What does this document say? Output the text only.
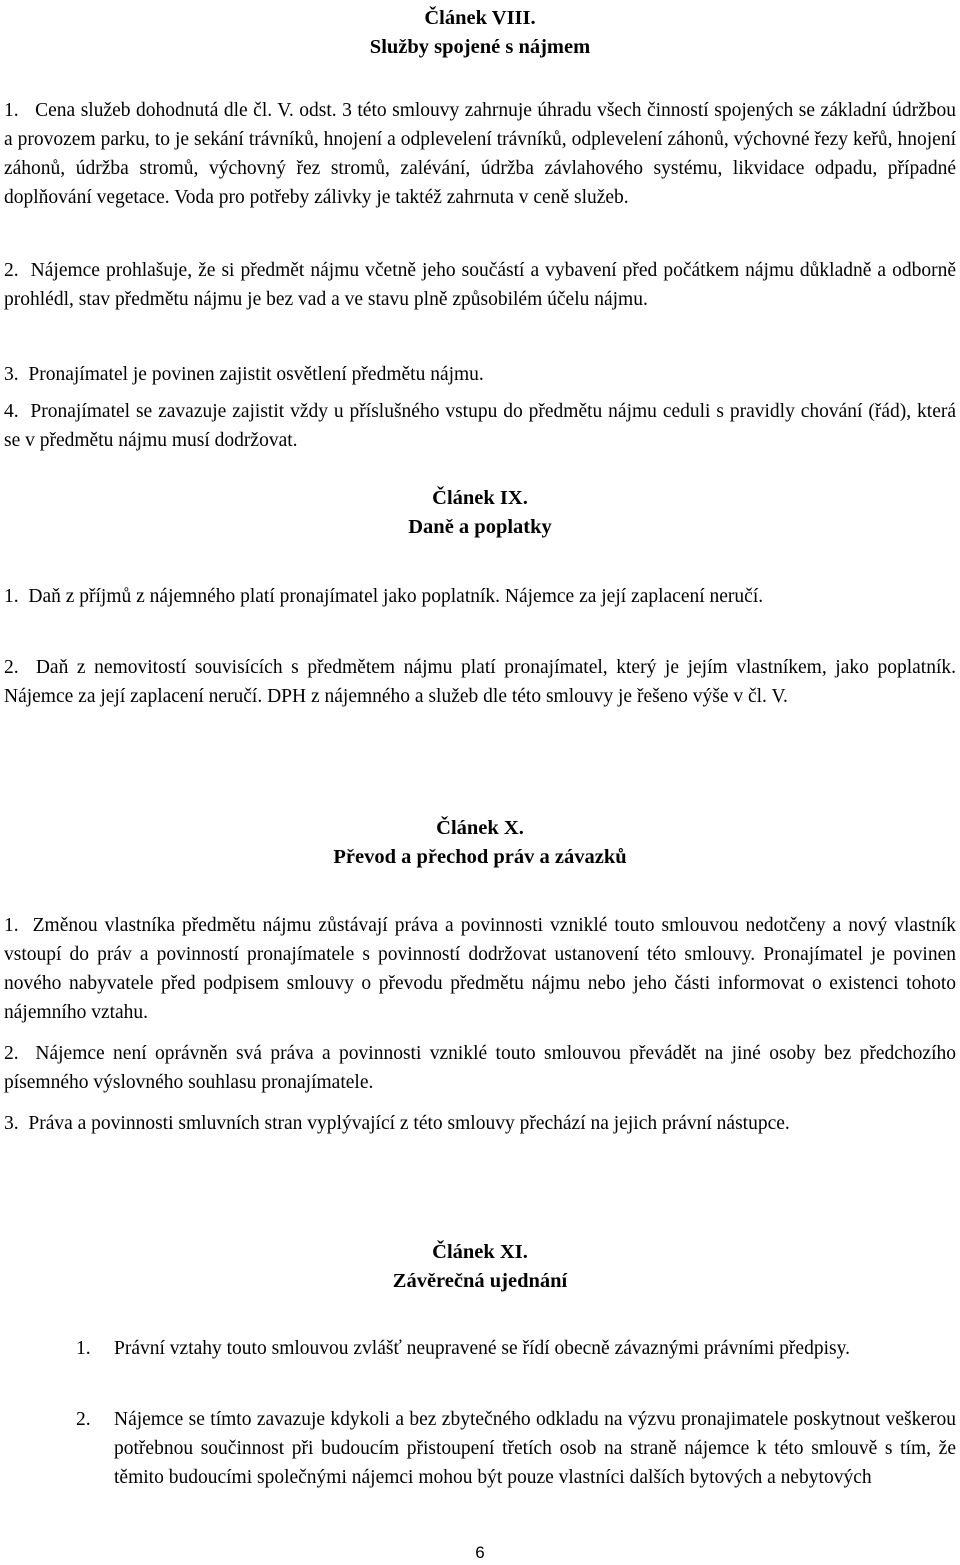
Článek VIII.
Služby spojené s nájmem

1. Cena služeb dohodnutá dle čl. V. odst. 3 této smlouvy zahrnuje úhradu všech činností spojených se základní údržbou a provozem parku, to je sekání trávníků, hnojení a odplevelení trávníků, odplevelení záhonů, výchovné řezy keřů, hnojení záhonů, údržba stromů, výchovný řez stromů, zalévání, údržba závlahového systému, likvidace odpadu, případné doplňování vegetace. Voda pro potřeby zálivky je taktéž zahrnuta v ceně služeb.

2. Nájemce prohlašuje, že si předmět nájmu včetně jeho součástí a vybavení před počátkem nájmu důkladně a odborně prohlédl, stav předmětu nájmu je bez vad a ve stavu plně způsobilém účelu nájmu.

3. Pronajímatel je povinen zajistit osvětlení předmětu nájmu.

4. Pronajímatel se zavazuje zajistit vždy u příslušného vstupu do předmětu nájmu ceduli s pravidly chování (řád), která se v předmětu nájmu musí dodržovat.

Článek IX.
Daně a poplatky

1. Daň z příjmů z nájemného platí pronajímatel jako poplatník. Nájemce za její zaplacení neručí.

2. Daň z nemovitostí souvisících s předmětem nájmu platí pronajímatel, který je jejím vlastníkem, jako poplatník. Nájemce za její zaplacení neručí. DPH z nájemného a služeb dle této smlouvy je řešeno výše v čl. V.

Článek X.
Převod a přechod práv a závazků

1. Změnou vlastníka předmětu nájmu zůstávají práva a povinnosti vzniklé touto smlouvou nedotčeny a nový vlastník vstoupí do práv a povinností pronajímatele s povinností dodržovat ustanovení této smlouvy. Pronajímatel je povinen nového nabyvatele před podpisem smlouvy o převodu předmětu nájmu nebo jeho části informovat o existenci tohoto nájemního vztahu.

2. Nájemce není oprávněn svá práva a povinnosti vzniklé touto smlouvou převádět na jiné osoby bez předchozího písemného výslovného souhlasu pronajímatele.

3. Práva a povinnosti smluvních stran vyplývající z této smlouvy přechází na jejich právní nástupce.

Článek XI.
Závěrečná ujednání
1.	Právní vztahy touto smlouvou zvlášť neupravené se řídí obecně závaznými právními předpisy.
2.	Nájemce se tímto zavazuje kdykoli a bez zbytečného odkladu na výzvu pronajimatele poskytnout veškerou potřebnou součinnost při budoucím přistoupení třetích osob na straně nájemce k této smlouvě s tím, že těmito budoucími společnými nájemci mohou být pouze vlastníci dalších bytových a nebytových
6
